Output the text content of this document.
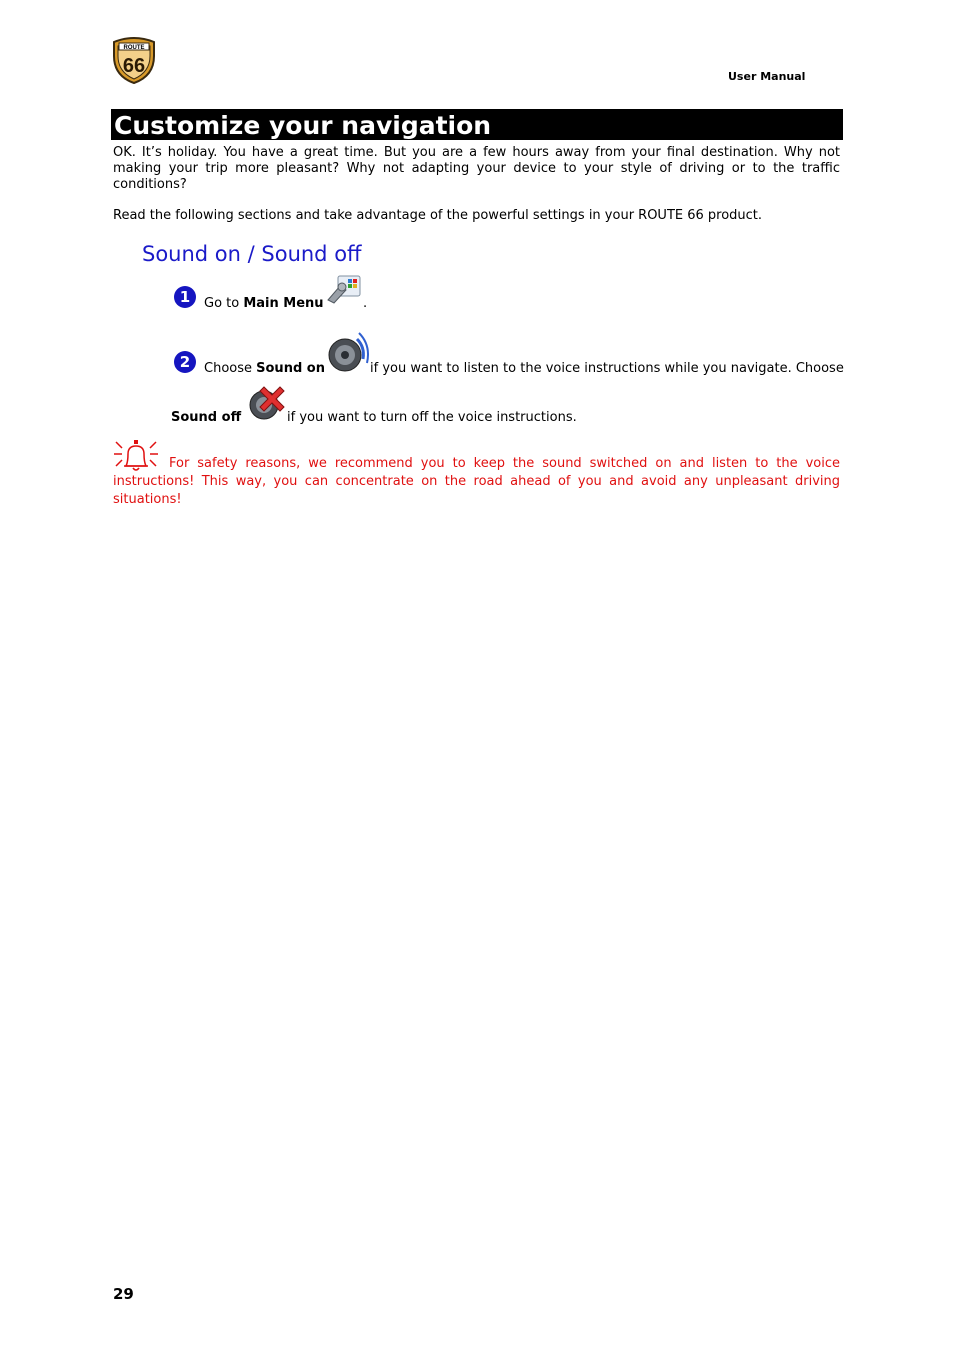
ROUTE
66	User Manual
Customize your navigation
OK. It’s holiday. You have a great time. But you are a few hours away from your final destination. Why not making your trip more pleasant? Why not adapting your device to your style of driving or to the traffic conditions?
Read the following sections and take advantage of the powerful settings in your ROUTE 66 product.
Sound on / Sound off
1	Go to Main Menu	.
2	Choose Sound on	if you want to listen to the voice instructions while you navigate. Choose
Sound off	if you want to turn off the voice instructions.
For safety reasons, we recommend you to keep the sound switched on and listen to the voice instructions! This way, you can concentrate on the road ahead of you and avoid any unpleasant driving situations!
29
